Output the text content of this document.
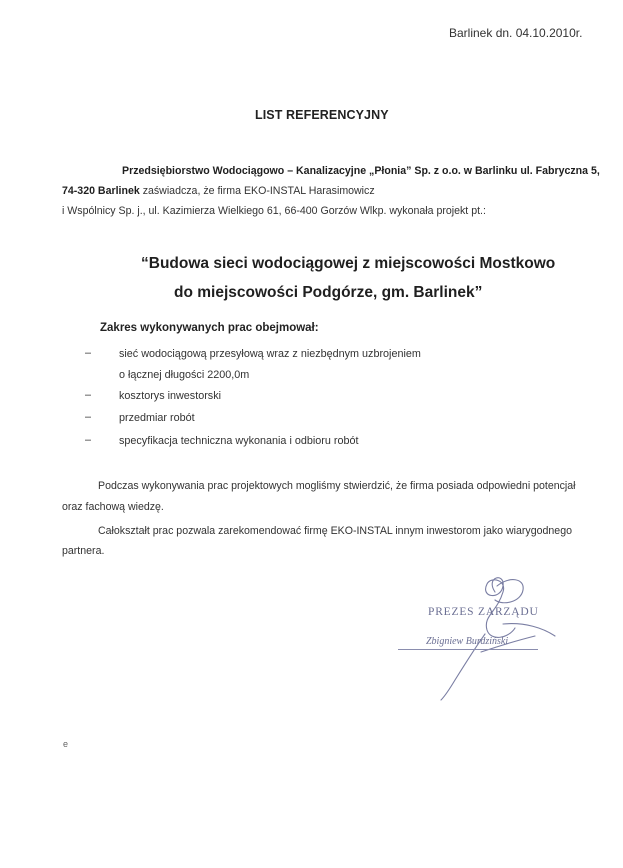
Barlinek dn. 04.10.2010r.
LIST REFERENCYJNY
Przedsiębiorstwo Wodociągowo – Kanalizacyjne „Płonia” Sp. z o.o. w Barlinku ul. Fabryczna 5,
74-320 Barlinek zaświadcza, że firma EKO-INSTAL Harasimowicz
i Wspólnicy Sp. j., ul. Kazimierza Wielkiego 61, 66-400 Gorzów Wlkp. wykonała projekt pt.:
“Budowa sieci wodociągowej z miejscowości Mostkowo
do miejscowości Podgórze, gm. Barlinek”
Zakres wykonywanych prac obejmował:
–	sieć wodociągową przesyłową wraz z niezbędnym uzbrojeniem
o łącznej długości 2200,0m
–	kosztorys inwestorski
–	przedmiar robót
–	specyfikacja techniczna wykonania i odbioru robót
Podczas wykonywania prac projektowych mogliśmy stwierdzić, że firma posiada odpowiedni potencjał
oraz fachową wiedzę.
Całokształt prac pozwala zarekomendować firmę EKO-INSTAL innym inwestorom jako wiarygodnego
partnera.
PREZES ZARZĄDU
Zbigniew Burdziński
e
